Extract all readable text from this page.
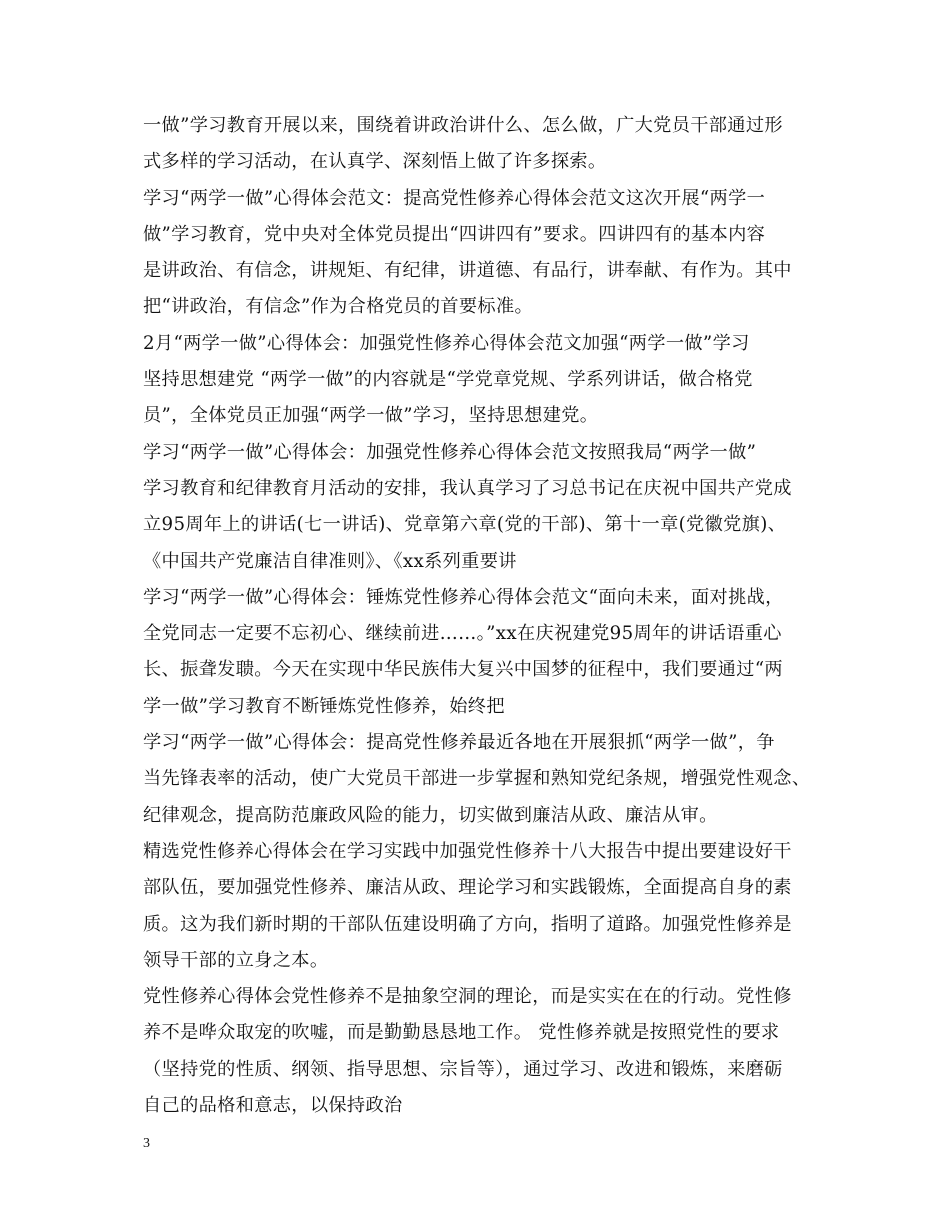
一做”学习教育开展以来，围绕着讲政治讲什么、怎么做，广大党员干部通过形
式多样的学习活动，在认真学、深刻悟上做了许多探索。
学习“两学一做”心得体会范文：提高党性修养心得体会范文这次开展“两学一
做”学习教育，党中央对全体党员提出“四讲四有”要求。四讲四有的基本内容
是讲政治、有信念，讲规矩、有纪律，讲道德、有品行，讲奉献、有作为。其中
把“讲政治，有信念”作为合格党员的首要标准。
2月“两学一做”心得体会：加强党性修养心得体会范文加强“两学一做”学习
坚持思想建党 “两学一做”的内容就是“学党章党规、学系列讲话，做合格党
员”，全体党员正加强“两学一做”学习，坚持思想建党。
学习“两学一做”心得体会：加强党性修养心得体会范文按照我局“两学一做”
学习教育和纪律教育月活动的安排，我认真学习了习总书记在庆祝中国共产党成
立95周年上的讲话(七一讲话)、党章第六章(党的干部)、第十一章(党徽党旗)、
《中国共产党廉洁自律准则》、《xx系列重要讲
学习“两学一做”心得体会：锤炼党性修养心得体会范文“面向未来，面对挑战，
全党同志一定要不忘初心、继续前进……。”xx在庆祝建党95周年的讲话语重心
长、振聋发聩。今天在实现中华民族伟大复兴中国梦的征程中，我们要通过“两
学一做”学习教育不断锤炼党性修养，始终把
学习“两学一做”心得体会：提高党性修养最近各地在开展狠抓“两学一做”，争
当先锋表率的活动，使广大党员干部进一步掌握和熟知党纪条规，增强党性观念、
纪律观念，提高防范廉政风险的能力，切实做到廉洁从政、廉洁从审。
精选党性修养心得体会在学习实践中加强党性修养十八大报告中提出要建设好干
部队伍，要加强党性修养、廉洁从政、理论学习和实践锻炼，全面提高自身的素
质。这为我们新时期的干部队伍建设明确了方向，指明了道路。加强党性修养是
领导干部的立身之本。
党性修养心得体会党性修养不是抽象空洞的理论，而是实实在在的行动。党性修
养不是哗众取宠的吹嘘，而是勤勤恳恳地工作。 党性修养就是按照党性的要求
（坚持党的性质、纲领、指导思想、宗旨等），通过学习、改进和锻炼，来磨砺
自己的品格和意志，以保持政治
3
